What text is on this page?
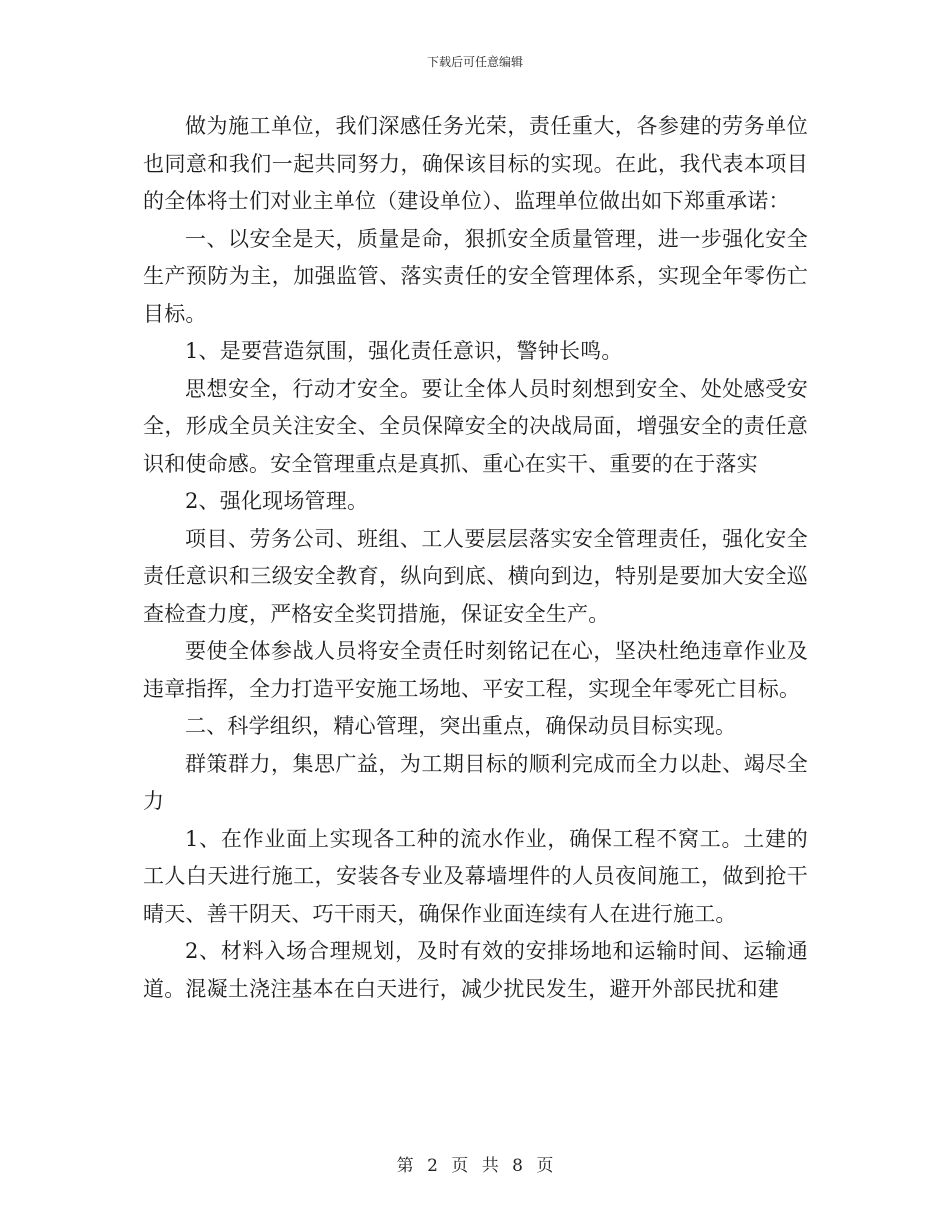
下载后可任意编辑

做为施工单位，我们深感任务光荣，责任重大，各参建的劳务单位也同意和我们一起共同努力，确保该目标的实现。在此，我代表本项目的全体将士们对业主单位（建设单位）、监理单位做出如下郑重承诺：

一、以安全是天，质量是命，狠抓安全质量管理，进一步强化安全生产预防为主，加强监管、落实责任的安全管理体系，实现全年零伤亡目标。

1、是要营造氛围，强化责任意识，警钟长鸣。

思想安全，行动才安全。要让全体人员时刻想到安全、处处感受安全，形成全员关注安全、全员保障安全的决战局面，增强安全的责任意识和使命感。安全管理重点是真抓、重心在实干、重要的在于落实

2、强化现场管理。

项目、劳务公司、班组、工人要层层落实安全管理责任，强化安全责任意识和三级安全教育，纵向到底、横向到边，特别是要加大安全巡查检查力度，严格安全奖罚措施，保证安全生产。

要使全体参战人员将安全责任时刻铭记在心，坚决杜绝违章作业及违章指挥，全力打造平安施工场地、平安工程，实现全年零死亡目标。

二、科学组织，精心管理，突出重点，确保动员目标实现。

群策群力，集思广益，为工期目标的顺利完成而全力以赴、竭尽全力

1、在作业面上实现各工种的流水作业，确保工程不窝工。土建的工人白天进行施工，安装各专业及幕墙埋件的人员夜间施工，做到抢干晴天、善干阴天、巧干雨天，确保作业面连续有人在进行施工。

2、材料入场合理规划，及时有效的安排场地和运输时间、运输通道。混凝土浇注基本在白天进行，减少扰民发生，避开外部民扰和建

第 2 页 共 8 页
